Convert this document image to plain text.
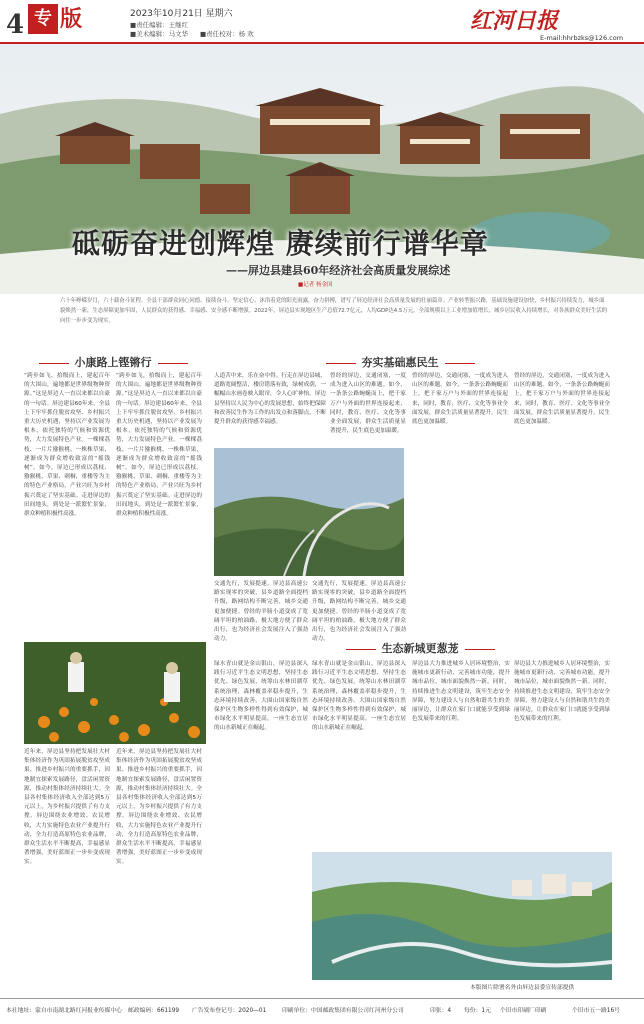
4 专 版	2023年10月21日 星期六
■责任编辑：王继红
■美术编辑：马文华 ■责任校对：杨 欢	红河日报
E-mail:hhrbzks@126.com
砥砺奋进创辉煌 赓续前行谱华章
——屏边县建县60年经济社会高质量发展综述
■记者 杨金国
六十年峥嵘岁月，六十载奋斗征程。全县干部群众同心同德、接续奋斗，坚定信心、沐浴着党的阳光雨露，奋力拼搏，谱写了屏边经济社会高质量发展的壮丽篇章。产业转型振兴路，基础设施建设加快，乡村振兴持续发力，城乡面貌焕然一新，生态屏障更加牢固，人民群众的获得感、幸福感、安全感不断增强。2022年，屏边县实现地区生产总值72.7亿元，人均GDP达4.5万元，全部规模以上工业增加值增长，城乡居民收入持续增长，对各族群众美好生活的向往一步步变为现实。
小康路上铿锵行
“跨步如飞，拾级而上，建起百年的大围山，遍地都是世界级物种资源。”这是屏边人一直以来都以自豪的一句话。屏边建县60年来，全县上下牢牢抓住脱贫攻坚、乡村振兴重大历史机遇，坚持以产业发展为根本，依托独特的气候和资源优势，大力发展特色产业。一棵棵荔枝、一片片猕猴桃、一株株草果，逐渐成为群众增收致富的“摇钱树”。如今，屏边已形成以荔枝、猕猴桃、草果、刺桐、重楼等为主的特色产业格局，产业兴旺为乡村振兴奠定了坚实基础。走进屏边的田间地头，到处是一派繁忙景象，群众种植积极性高涨。
“跨步如飞，拾级而上，建起百年的大围山，遍地都是世界级物种资源。”这是屏边人一直以来都以自豪的一句话。屏边建县60年来，全县上下牢牢抓住脱贫攻坚、乡村振兴重大历史机遇，坚持以产业发展为根本，依托独特的气候和资源优势，大力发展特色产业。一棵棵荔枝、一片片猕猴桃、一株株草果，逐渐成为群众增收致富的“摇钱树”。如今，屏边已形成以荔枝、猕猴桃、草果、刺桐、重楼等为主的特色产业格局，产业兴旺为乡村振兴奠定了坚实基础。走进屏边的田间地头，到处是一派繁忙景象，群众种植积极性高涨。
近年来，屏边县坚持把发展壮大村集体经济作为巩固拓展脱贫攻坚成果、推进乡村振兴的重要抓手，因地制宜探索发展路径，盘活闲置资源，推动村集体经济持续壮大。全县各村集体经济收入全部达到5万元以上，为乡村振兴提供了有力支撑。屏边围绕农业增效、农民增收，大力实施特色农业产业提升行动，全力打造高原特色农业品牌，群众生活水平不断提高，幸福感显著增强，美好蓝图正一步步变成现实。
近年来，屏边县坚持把发展壮大村集体经济作为巩固拓展脱贫攻坚成果、推进乡村振兴的重要抓手，因地制宜探索发展路径，盘活闲置资源，推动村集体经济持续壮大。全县各村集体经济收入全部达到5万元以上，为乡村振兴提供了有力支撑。屏边围绕农业增效、农民增收，大力实施特色农业产业提升行动，全力打造高原特色农业品牌，群众生活水平不断提高，幸福感显著增强，美好蓝图正一步步变成现实。
夯实基础惠民生
人道苦中来，乐在奋中得。行走在屏边县城，道路宽阔整洁，楼房错落有致，绿树成荫，一幅幅山水画卷映入眼帘，令人心旷神怡。屏边县坚持以人民为中心的发展思想，始终把保障和改善民生作为工作的出发点和落脚点，不断提升群众的获得感幸福感。
交通先行，发展提速。屏边县高速公路实现零的突破，县乡道路全面提档升级，路网结构不断完善，城乡交通更加便捷。曾经的羊肠小道变成了宽阔平坦的柏油路，极大地方便了群众出行，也为经济社会发展注入了强劲动力。
交通先行，发展提速。屏边县高速公路实现零的突破，县乡道路全面提档升级，路网结构不断完善，城乡交通更加便捷。曾经的羊肠小道变成了宽阔平坦的柏油路，极大地方便了群众出行，也为经济社会发展注入了强劲动力。
曾经的屏边，交通闭塞，一度成为进入山区的难题。如今，一条条公路蜿蜒而上，把千家万户与外面的世界连接起来，同时，教育、医疗、文化等事业全面发展，群众生活质量显著提升，民生底色更加温暖。
曾经的屏边，交通闭塞，一度成为进入山区的难题。如今，一条条公路蜿蜒而上，把千家万户与外面的世界连接起来，同时，教育、医疗、文化等事业全面发展，群众生活质量显著提升，民生底色更加温暖。
曾经的屏边，交通闭塞，一度成为进入山区的难题。如今，一条条公路蜿蜒而上，把千家万户与外面的世界连接起来，同时，教育、医疗、文化等事业全面发展，群众生活质量显著提升，民生底色更加温暖。
生态新城更葱茏
绿水青山就是金山银山。屏边县深入践行习近平生态文明思想，坚持生态优先、绿色发展，统筹山水林田湖草系统治理，森林覆盖率稳步提升，生态环境持续改善。大围山国家级自然保护区生物多样性得到有效保护，城市绿化水平明显提高，一座生态宜居的山水新城正在崛起。
绿水青山就是金山银山。屏边县深入践行习近平生态文明思想，坚持生态优先、绿色发展，统筹山水林田湖草系统治理，森林覆盖率稳步提升，生态环境持续改善。大围山国家级自然保护区生物多样性得到有效保护，城市绿化水平明显提高，一座生态宜居的山水新城正在崛起。
屏边县大力推进城乡人居环境整治，实施城市更新行动，完善城市功能，提升城市品位，城市面貌焕然一新。同时，持续推进生态文明建设，筑牢生态安全屏障，努力建设人与自然和谐共生的美丽屏边，让群众在家门口就能享受到绿色发展带来的红利。
屏边县大力推进城乡人居环境整治，实施城市更新行动，完善城市功能，提升城市品位，城市面貌焕然一新。同时，持续推进生态文明建设，筑牢生态安全屏障，努力建设人与自然和谐共生的美丽屏边，让群众在家门口就能享受到绿色发展带来的红利。
本版图片除署名外由屏边县委宣传部提供
本社地址：蒙自市南湖北路红河报业传媒中心 邮政编码：661199 广告发布登记号：2020—01	印刷单位：中国邮政集团有限公司红河州分公司	印张：4 每份：1元 个旧市印刷厂印刷	个旧市五一路16号
